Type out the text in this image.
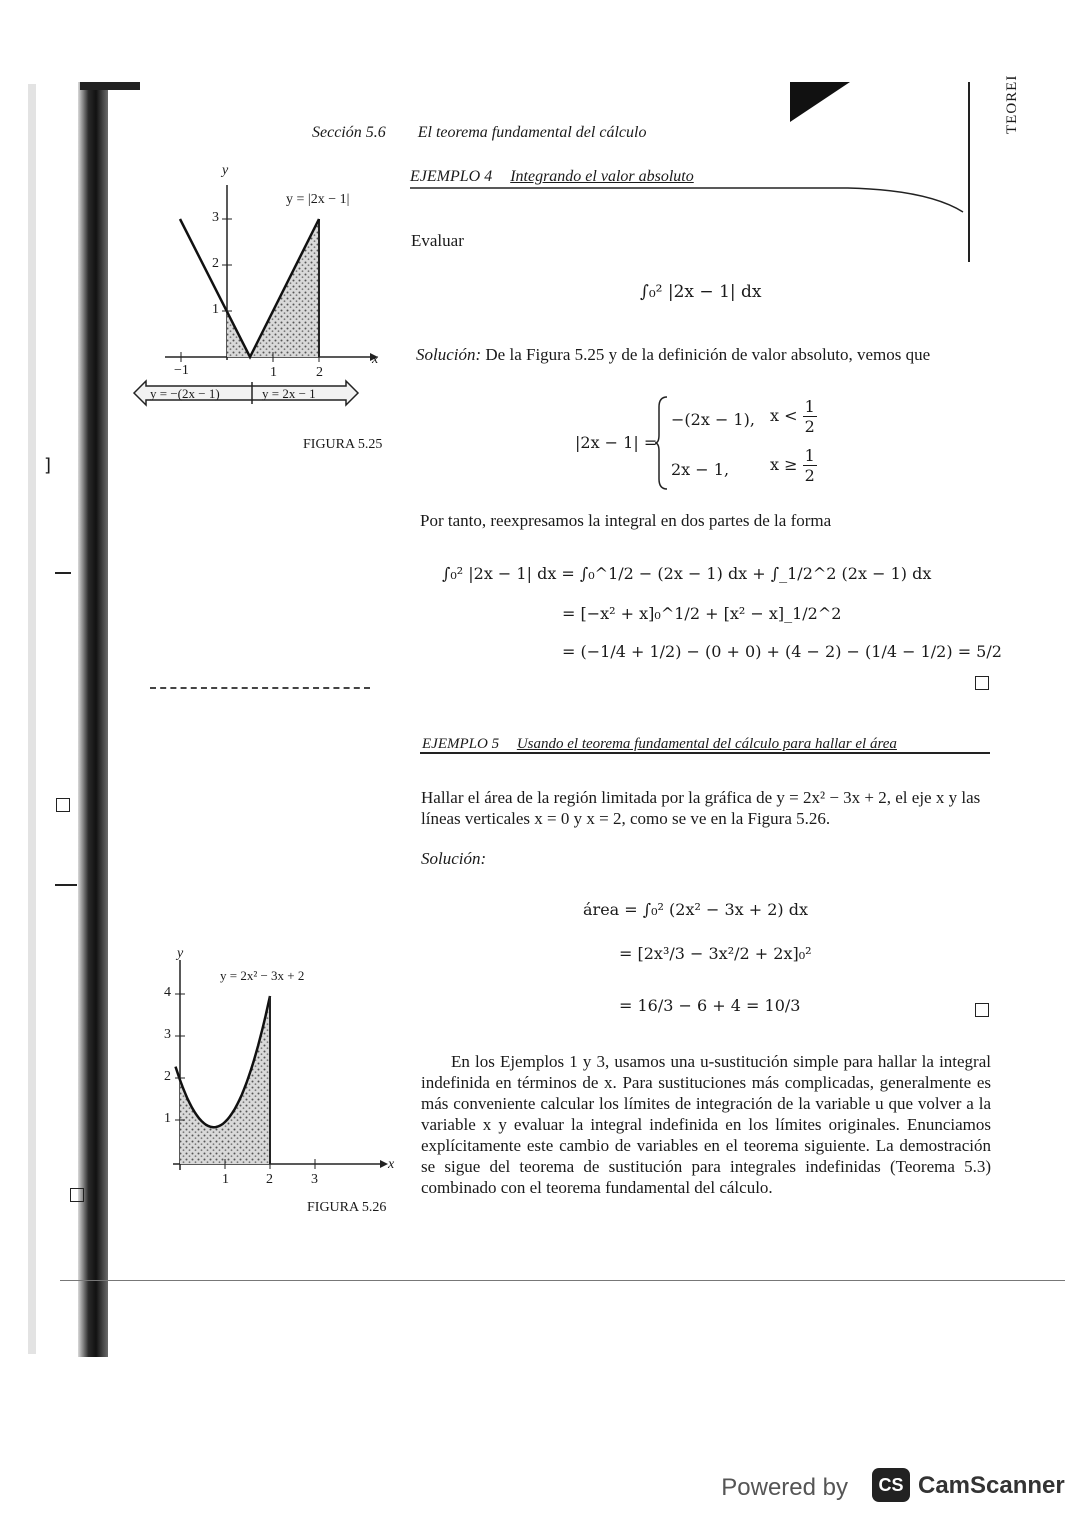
TEOREI
]
Sección 5.6 El teorema fundamental del cálculo
EJEMPLO 4 Integrando el valor absoluto
Evaluar
∫₀² |2x − 1| dx
Solución: De la Figura 5.25 y de la definición de valor absoluto, vemos que
|2x − 1| =
−(2x − 1), $x < \frac{1}{2}$
2x − 1,	$x \ge \frac{1}{2}$
Por tanto, reexpresamos la integral en dos partes de la forma
∫₀² |2x − 1| dx = ∫₀^1/2 − (2x − 1) dx + ∫_1/2^2 (2x − 1) dx
= [−x² + x]₀^1/2 + [x² − x]_1/2^2
= (−1/4 + 1/2) − (0 + 0) + (4 − 2) − (1/4 − 1/2) = 5/2
y
x
y = |2x − 1|
3
2
1
−1	1	2
y = −(2x − 1)	y = 2x − 1
FIGURA 5.25
EJEMPLO 5 Usando el teorema fundamental del cálculo para hallar el área
Hallar el área de la región limitada por la gráfica de y = 2x² − 3x + 2, el eje x y las líneas verticales x = 0 y x = 2, como se ve en la Figura 5.26.
Solución:
área = ∫₀² (2x² − 3x + 2) dx
= [2x³/3 − 3x²/2 + 2x]₀²
= 16/3 − 6 + 4 = 10/3
y
x
y = 2x² − 3x + 2
4
3
2
1
1	2	3
FIGURA 5.26
En los Ejemplos 1 y 3, usamos una u-sustitución simple para hallar la integral indefinida en términos de x. Para sustituciones más complicadas, generalmente es más conveniente calcular los límites de integración de la variable u que volver a la variable x y evaluar la integral indefinida en los límites originales. Enunciamos explícitamente este cambio de variables en el teorema siguiente. La demostración se sigue del teorema de sustitución para integrales indefinidas (Teorema 5.3) combinado con el teorema fundamental del cálculo.
Powered by CS CamScanner
